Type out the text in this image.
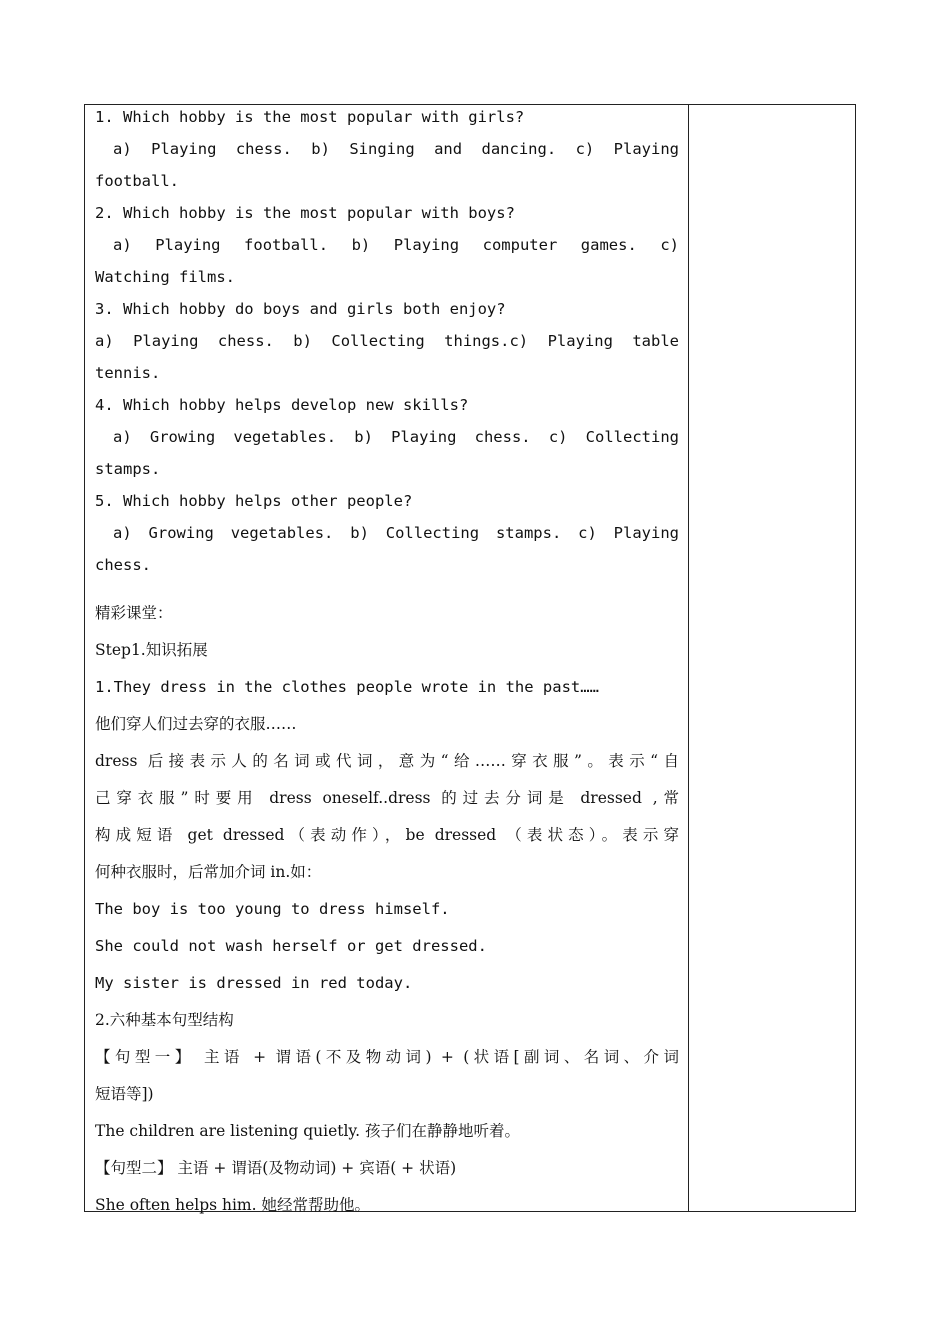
1. Which hobby is the most popular with girls?
a) Playing chess. b) Singing and dancing. c) Playing
football.
2. Which hobby is the most popular with boys?
a) Playing football. b) Playing computer games. c)
Watching films.
3. Which hobby do boys and girls both enjoy?
a) Playing chess. b) Collecting things.c) Playing table
tennis.
4. Which hobby helps develop new skills?
a) Growing vegetables. b) Playing chess. c) Collecting
stamps.
5. Which hobby helps other people?
a) Growing vegetables. b) Collecting stamps. c) Playing
chess.
精彩课堂：
Step1.知识拓展
1.They dress in the clothes people wrote in the past……
他们穿人们过去穿的衣服……
dress 后接表示人的名词或代词，意为“给……穿衣服”。表示“自
己穿衣服”时要用 dress oneself..dress 的过去分词是 dressed ,常
构成短语 get dressed（表动作），be dressed （表状态）。表示穿
何种衣服时，后常加介词 in.如：
The boy is too young to dress himself.
She could not wash herself or get dressed.
My sister is dressed in red today.
2.六种基本句型结构
【句型一】 主语 + 谓语(不及物动词) + (状语[副词、名词、介词
短语等])
The children are listening quietly. 孩子们在静静地听着。
【句型二】 主语 + 谓语(及物动词) + 宾语( + 状语)
She often helps him. 她经常帮助他。
